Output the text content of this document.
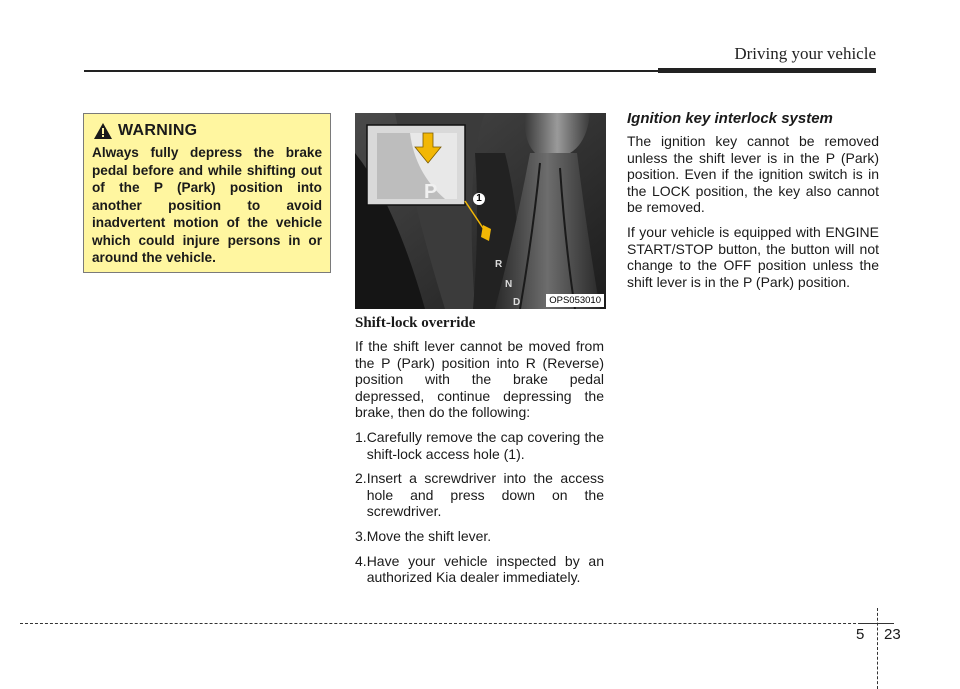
Driving your vehicle
WARNING
Always fully depress the brake pedal before and while shifting out of the P (Park) position into another position to avoid inadvertent motion of the vehicle which could injure persons in or around the vehicle.
1
P
R
N
D	OPS053010
Shift-lock override

If the shift lever cannot be moved from the P (Park) position into R (Reverse) position with the brake pedal depressed, continue depressing the brake, then do the following:

1. Carefully remove the cap covering the shift-lock access hole (1).
2. Insert a screwdriver into the access hole and press down on the screwdriver.
3. Move the shift lever.
4. Have your vehicle inspected by an authorized Kia dealer immediately.
Ignition key interlock system

The ignition key cannot be removed unless the shift lever is in the P (Park) position. Even if the ignition switch is in the LOCK position, the key also cannot be removed.

If your vehicle is equipped with ENGINE START/STOP button, the button will not change to the OFF position unless the shift lever is in the P (Park) position.

5 23
